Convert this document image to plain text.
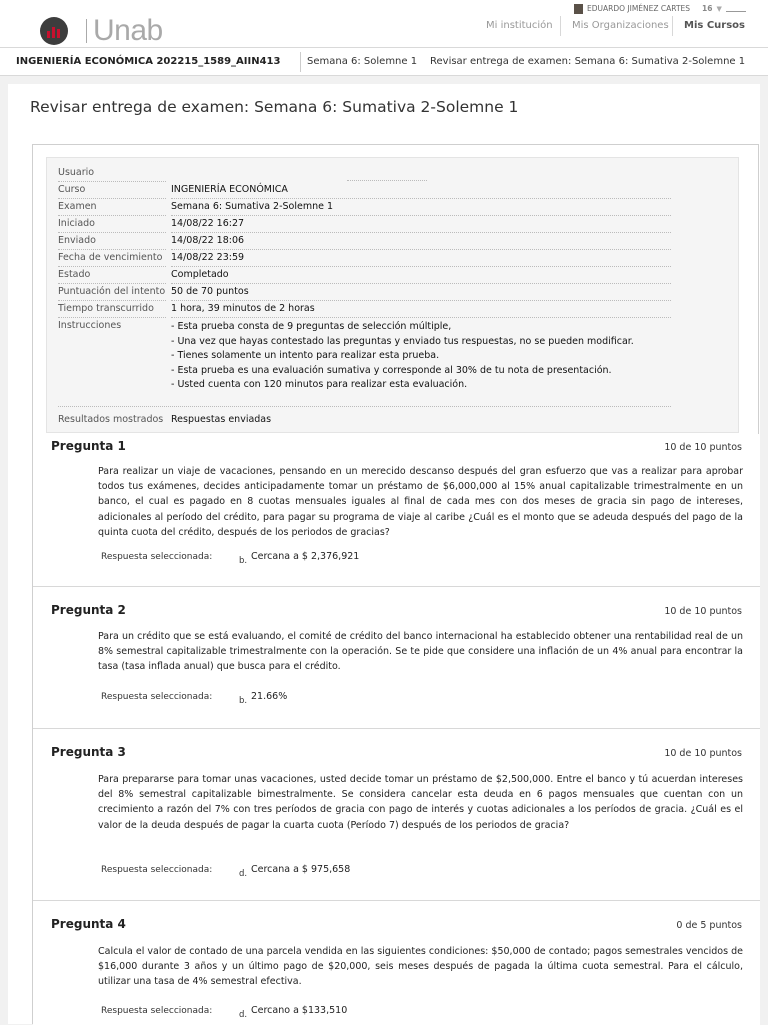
Unab
EDUARDO JIMÉNEZ CARTES 16 ▼
Mi institución Mis Organizaciones Mis Cursos
INGENIERÍA ECONÓMICA 202215_1589_AIIN413	Semana 6: Solemne 1 Revisar entrega de examen: Semana 6: Sumativa 2-Solemne 1
Revisar entrega de examen: Semana 6: Sumativa 2-Solemne 1
Usuario
Curso	INGENIERÍA ECONÓMICA
Examen	Semana 6: Sumativa 2-Solemne 1
Iniciado	14/08/22 16:27
Enviado	14/08/22 18:06
Fecha de vencimiento 14/08/22 23:59
Estado	Completado
Puntuación del intento 50 de 70 puntos
Tiempo transcurrido	1 hora, 39 minutos de 2 horas
Instrucciones	- Esta prueba consta de 9 preguntas de selección múltiple,
- Una vez que hayas contestado las preguntas y enviado tus respuestas, no se pueden modificar.
- Tienes solamente un intento para realizar esta prueba.
- Esta prueba es una evaluación sumativa y corresponde al 30% de tu nota de presentación.
- Usted cuenta con 120 minutos para realizar esta evaluación.
Resultados mostrados Respuestas enviadas
Pregunta 1	10 de 10 puntos
Para realizar un viaje de vacaciones, pensando en un merecido descanso después del gran esfuerzo que vas a realizar para aprobar todos tus exámenes, decides anticipadamente tomar un préstamo de $6,000,000 al 15% anual capitalizable trimestralmente en un banco, el cual es pagado en 8 cuotas mensuales iguales al final de cada mes con dos meses de gracia sin pago de intereses, adicionales al período del crédito, para pagar su programa de viaje al caribe ¿Cuál es el monto que se adeuda después del pago de la quinta cuota del crédito, después de los periodos de gracias?
Respuesta seleccionada:	b. Cercana a $ 2,376,921
Pregunta 2	10 de 10 puntos
Para un crédito que se está evaluando, el comité de crédito del banco internacional ha establecido obtener una rentabilidad real de un 8% semestral capitalizable trimestralmente con la operación. Se te pide que considere una inflación de un 4% anual para encontrar la tasa (tasa inflada anual) que busca para el crédito.
Respuesta seleccionada:	b. 21.66%
Pregunta 3	10 de 10 puntos
Para prepararse para tomar unas vacaciones, usted decide tomar un préstamo de $2,500,000. Entre el banco y tú acuerdan intereses del 8% semestral capitalizable bimestralmente. Se considera cancelar esta deuda en 6 pagos mensuales que cuentan con un crecimiento a razón del 7% con tres períodos de gracia con pago de interés y cuotas adicionales a los períodos de gracia. ¿Cuál es el valor de la deuda después de pagar la cuarta cuota (Período 7) después de los periodos de gracia?
Respuesta seleccionada:	d. Cercana a $ 975,658
Pregunta 4	0 de 5 puntos
Calcula el valor de contado de una parcela vendida en las siguientes condiciones: $50,000 de contado; pagos semestrales vencidos de $16,000 durante 3 años y un último pago de $20,000, seis meses después de pagada la última cuota semestral. Para el cálculo, utilizar una tasa de 4% semestral efectiva.
Respuesta seleccionada:	d. Cercano a $133,510
